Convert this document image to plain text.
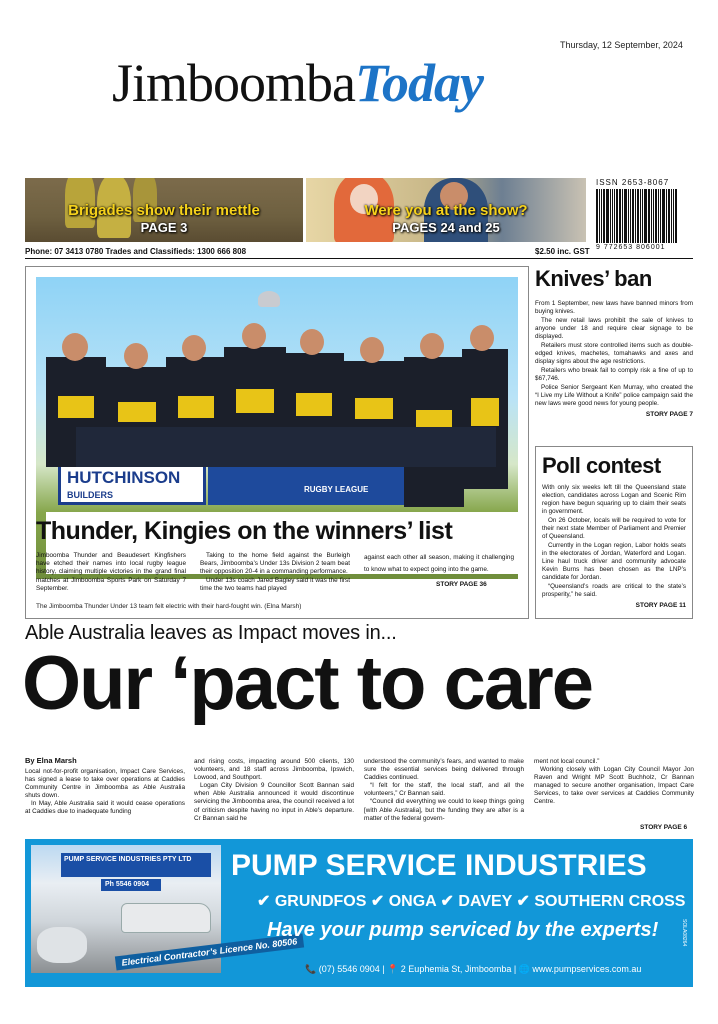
Thursday, 12 September, 2024
JimboombaToday
Brigades show their mettle
PAGE 3
Were you at the show?
PAGES 24 and 25
ISSN 2653-8067
9 772653 806001
Phone: 07 3413 0780 Trades and Classifieds: 1300 666 808	$2.50 inc. GST
HUTCHINSON
BUILDERS
RUGBY LEAGUE
Thunder, Kingies on the winners’ list
Jimboomba Thunder and Beaudesert Kingfishers have etched their names into local rugby league history, claiming multiple victories in the grand final matches at Jimboomba Sports Park on Saturday 7 September.

Taking to the home field against the Burleigh Bears, Jimboomba’s Under 13s Division 2 team beat their opposition 20-4 in a commanding performance.

Under 13s coach Jared Bagley said it was the first time the two teams had played

against each other all season, making it challenging to know what to expect going into the game.
STORY PAGE 36
The Jimboomba Thunder Under 13 team felt electric with their hard-fought win. (Elna Marsh)
Knives’ ban

From 1 September, new laws have banned minors from buying knives.

The new retail laws prohibit the sale of knives to anyone under 18 and require clear signage to be displayed.

Retailers must store controlled items such as double-edged knives, machetes, tomahawks and axes and display signs about the age restrictions.

Retailers who break fail to comply risk a fine of up to $67,746.

Police Senior Sergeant Ken Murray, who created the “I Live my Life Without a Knife” police campaign said the new laws were good news for young people.

STORY PAGE 7
Poll contest

With only six weeks left till the Queensland state election, candidates across Logan and Scenic Rim region have begun squaring up to claim their seats in government.

On 26 October, locals will be required to vote for their next state Member of Parliament and Premier of Queensland.

Currently in the Logan region, Labor holds seats in the electorates of Jordan, Waterford and Logan. Line haul truck driver and community advocate Kevin Burns has been chosen as the LNP’s candidate for Jordan.

“Queensland’s roads are critical to the state’s prosperity,” he said.

STORY PAGE 11
Able Australia leaves as Impact moves in...
Our ‘pact to care
By Elna Marsh

Local not-for-profit organisation, Impact Care Services, has signed a lease to take over operations at Caddies Community Centre in Jimboomba as Able Australia shuts down.

In May, Able Australia said it would cease operations at Caddies due to inadequate funding

and rising costs, impacting around 500 clients, 130 volunteers, and 18 staff across Jimboomba, Ipswich, Lowood, and Southport.

Logan City Division 9 Councillor Scott Bannan said when Able Australia announced it would discontinue servicing the Jimboomba area, the council received a lot of criticism despite having no input in Able’s departure. Cr Bannan said he

understood the community’s fears, and wanted to make sure the essential services being delivered through Caddies continued.

“I felt for the staff, the local staff, and all the volunteers,” Cr Bannan said.

“Council did everything we could to keep things going [with Able Australia], but the funding they are after is a matter of the federal govern-

ment not local council.”

Working closely with Logan City Council Mayor Jon Raven and Wright MP Scott Buchholz, Cr Bannan managed to secure another organisation, Impact Care Services, to take over services at Caddies Community Centre.

STORY PAGE 6
PUMP SERVICE INDUSTRIES PTY LTD
Ph 5546 0904
Electrical Contractor’s Licence No. 80506
PUMP SERVICE INDUSTRIES
✔ GRUNDFOS ✔ ONGA ✔ DAVEY ✔ SOUTHERN CROSS
Have your pump serviced by the experts!
📞 (07) 5546 0904 | 📍 2 Euphemia St, Jimboomba | 🌐 www.pumpservices.com.au
SOLA08264
